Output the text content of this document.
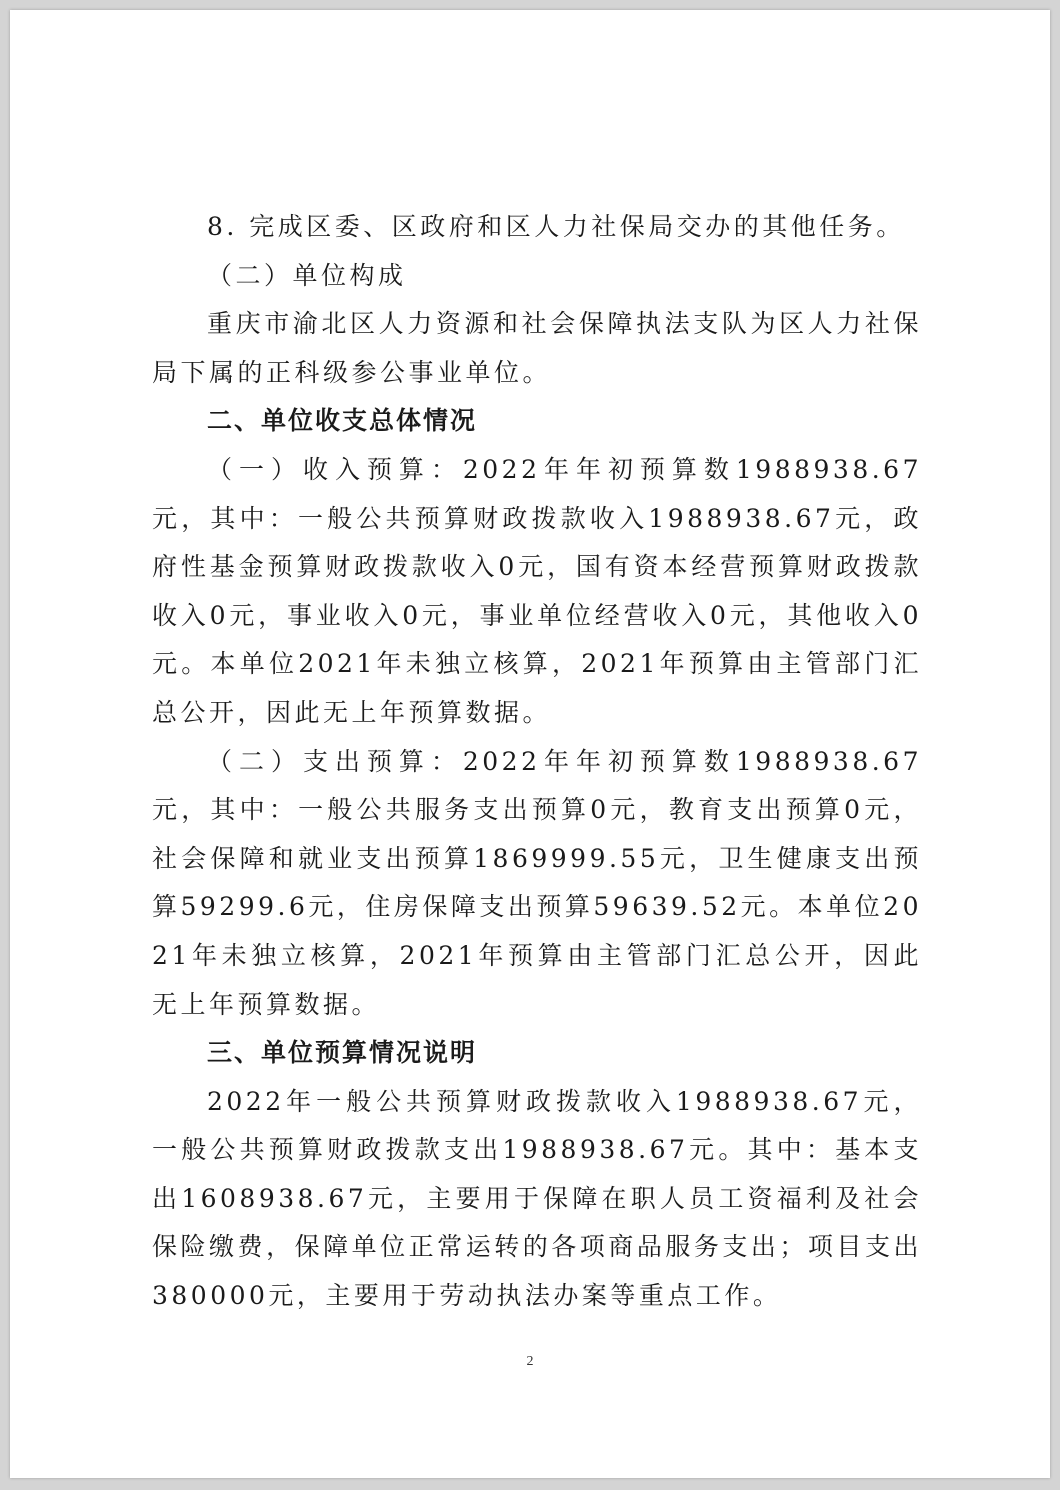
8. 完成区委、区政府和区人力社保局交办的其他任务。

（二）单位构成

重庆市渝北区人力资源和社会保障执法支队为区人力社保局下属的正科级参公事业单位。

二、单位收支总体情况

（一）收入预算：2022年年初预算数1988938.67元，其中：一般公共预算财政拨款收入1988938.67元，政府性基金预算财政拨款收入0元，国有资本经营预算财政拨款收入0元，事业收入0元，事业单位经营收入0元，其他收入0元。本单位2021年未独立核算，2021年预算由主管部门汇总公开，因此无上年预算数据。

（二）支出预算：2022年年初预算数1988938.67元，其中：一般公共服务支出预算0元，教育支出预算0元，社会保障和就业支出预算1869999.55元，卫生健康支出预算59299.6元，住房保障支出预算59639.52元。本单位2021年未独立核算，2021年预算由主管部门汇总公开，因此无上年预算数据。

三、单位预算情况说明

2022年一般公共预算财政拨款收入1988938.67元，一般公共预算财政拨款支出1988938.67元。其中：基本支出1608938.67元，主要用于保障在职人员工资福利及社会保险缴费，保障单位正常运转的各项商品服务支出；项目支出380000元，主要用于劳动执法办案等重点工作。

2
